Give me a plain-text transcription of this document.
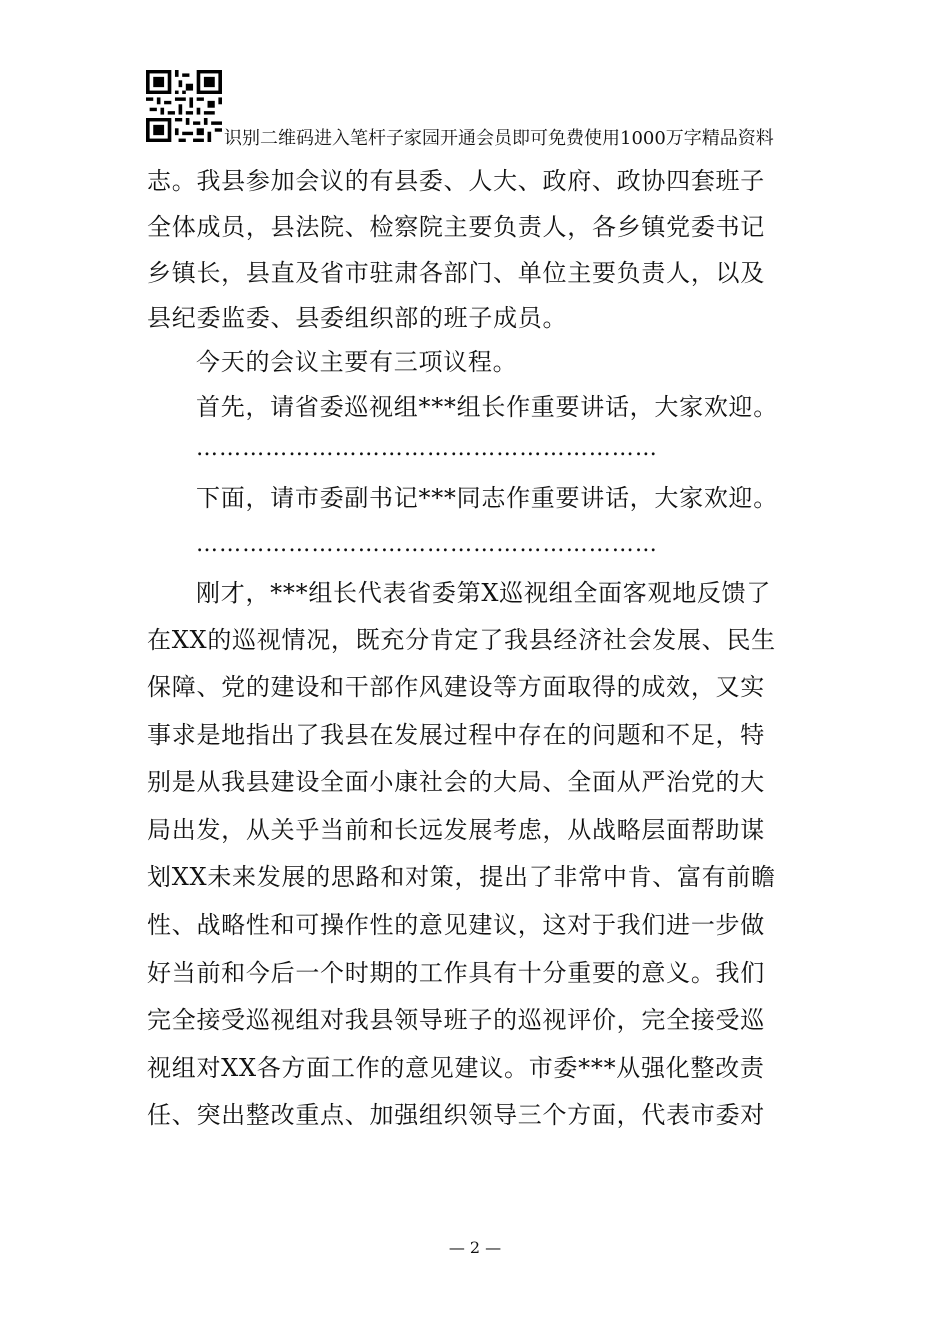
识别二维码进入笔杆子家园开通会员即可免费使用1000万字精品资料
志。我县参加会议的有县委、人大、政府、政协四套班子
全体成员，县法院、检察院主要负责人，各乡镇党委书记
乡镇长，县直及省市驻肃各部门、单位主要负责人，以及
县纪委监委、县委组织部的班子成员。
今天的会议主要有三项议程。
首先，请省委巡视组***组长作重要讲话，大家欢迎。
……………………………………………………
下面，请市委副书记***同志作重要讲话，大家欢迎。
……………………………………………………
刚才，***组长代表省委第X巡视组全面客观地反馈了
在XX的巡视情况，既充分肯定了我县经济社会发展、民生
保障、党的建设和干部作风建设等方面取得的成效，又实
事求是地指出了我县在发展过程中存在的问题和不足，特
别是从我县建设全面小康社会的大局、全面从严治党的大
局出发，从关乎当前和长远发展考虑，从战略层面帮助谋
划XX未来发展的思路和对策，提出了非常中肯、富有前瞻
性、战略性和可操作性的意见建议，这对于我们进一步做
好当前和今后一个时期的工作具有十分重要的意义。我们
完全接受巡视组对我县领导班子的巡视评价，完全接受巡
视组对XX各方面工作的意见建议。市委***从强化整改责
任、突出整改重点、加强组织领导三个方面，代表市委对
— 2 —
